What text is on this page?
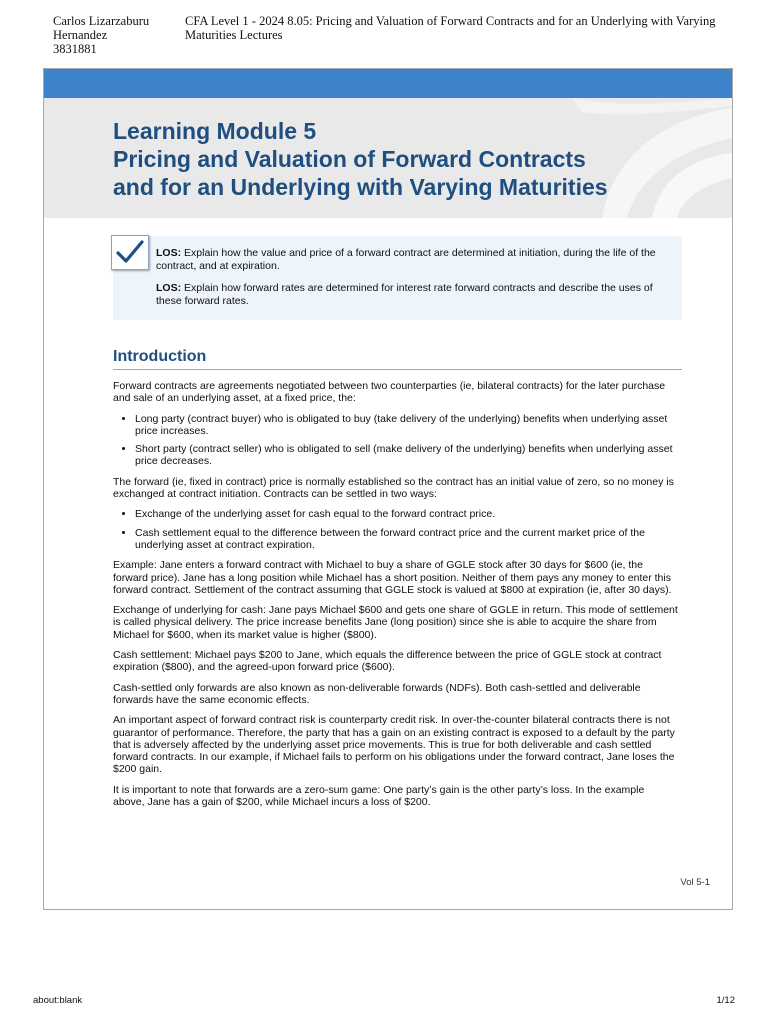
Carlos Lizarzaburu Hernandez
3831881
CFA Level 1 - 2024 8.05: Pricing and Valuation of Forward Contracts and for an Underlying with Varying Maturities Lectures
Learning Module 5
Pricing and Valuation of Forward Contracts
and for an Underlying with Varying Maturities
LOS: Explain how the value and price of a forward contract are determined at initiation, during the life of the contract, and at expiration.
LOS: Explain how forward rates are determined for interest rate forward contracts and describe the uses of these forward rates.
Introduction

Forward contracts are agreements negotiated between two counterparties (ie, bilateral contracts) for the later purchase and sale of an underlying asset, at a fixed price, the:

• Long party (contract buyer) who is obligated to buy (take delivery of the underlying) benefits when underlying asset price increases.
• Short party (contract seller) who is obligated to sell (make delivery of the underlying) benefits when underlying asset price decreases.

The forward (ie, fixed in contract) price is normally established so the contract has an initial value of zero, so no money is exchanged at contract initiation. Contracts can be settled in two ways:

• Exchange of the underlying asset for cash equal to the forward contract price.
• Cash settlement equal to the difference between the forward contract price and the current market price of the underlying asset at contract expiration.

Example: Jane enters a forward contract with Michael to buy a share of GGLE stock after 30 days for $600 (ie, the forward price). Jane has a long position while Michael has a short position. Neither of them pays any money to enter this forward contract. Settlement of the contract assuming that GGLE stock is valued at $800 at expiration (ie, after 30 days).

Exchange of underlying for cash: Jane pays Michael $600 and gets one share of GGLE in return. This mode of settlement is called physical delivery. The price increase benefits Jane (long position) since she is able to acquire the share from Michael for $600, when its market value is higher ($800).

Cash settlement: Michael pays $200 to Jane, which equals the difference between the price of GGLE stock at contract expiration ($800), and the agreed-upon forward price ($600).

Cash-settled only forwards are also known as non-deliverable forwards (NDFs). Both cash-settled and deliverable forwards have the same economic effects.

An important aspect of forward contract risk is counterparty credit risk. In over-the-counter bilateral contracts there is not guarantor of performance. Therefore, the party that has a gain on an existing contract is exposed to a default by the party that is adversely affected by the underlying asset price movements. This is true for both deliverable and cash settled forward contracts. In our example, if Michael fails to perform on his obligations under the forward contract, Jane loses the $200 gain.

It is important to note that forwards are a zero-sum game: One party’s gain is the other party’s loss. In the example above, Jane has a gain of $200, while Michael incurs a loss of $200.

Vol 5-1
about:blank	1/12
